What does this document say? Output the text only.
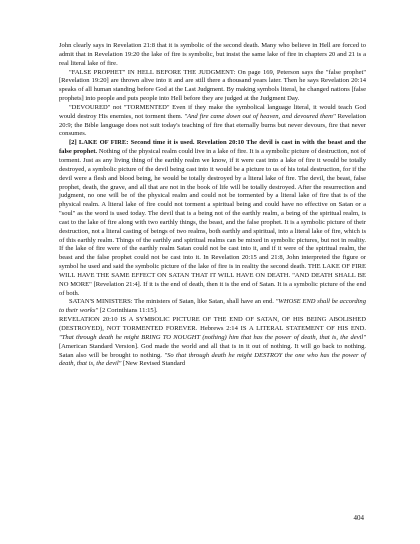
John clearly says in Revelation 21:8 that it is symbolic of the second death. Many who believe in Hell are forced to admit that in Revelation 19:20 the lake of fire is symbolic, but insist the same lake of fire in chapters 20 and 21 is a real literal lake of fire.

"FALSE PROPHET" IN HELL BEFORE THE JUDGMENT: On page 169, Peterson says the "false prophet" [Revelation 19:20] are thrown alive into it and are still there a thousand years later. Then he says Revelation 20:14 speaks of all human standing before God at the Last Judgment. By making symbols literal, he changed nations [false prophets] into people and puts people into Hell before they are judged at the Judgment Day.

"DEVOURED" not "TORMENTED" Even if they make the symbolical language literal, it would teach God would destroy His enemies, not torment them. "And fire came down out of heaven, and devoured them" Revelation 20:9; the Bible language does not suit today's teaching of fire that eternally burns but never devours, fire that never consumes.

[2] LAKE OF FIRE: Second time it is used. Revelation 20:10 The devil is cast in with the beast and the false prophet. Nothing of the physical realm could live in a lake of fire. It is a symbolic picture of destruction, not of torment. Just as any living thing of the earthly realm we know, if it were cast into a lake of fire it would be totally destroyed, a symbolic picture of the devil being cast into it would be a picture to us of his total destruction, for if the devil were a flesh and blood being, he would be totally destroyed by a literal lake of fire. The devil, the beast, false prophet, death, the grave, and all that are not in the book of life will be totally destroyed. After the resurrection and judgment, no one will be of the physical realm and could not be tormented by a literal lake of fire that is of the physical realm. A literal lake of fire could not torment a spiritual being and could have no effective on Satan or a "soul" as the word is used today. The devil that is a being not of the earthly realm, a being of the spiritual realm, is cast to the lake of fire along with two earthly things, the beast, and the false prophet. It is a symbolic picture of their destruction, not a literal casting of beings of two realms, both earthly and spiritual, into a literal lake of fire, which is of this earthly realm. Things of the earthly and spiritual realms can be mixed in symbolic pictures, but not in reality. If the lake of fire were of the earthly realm Satan could not be cast into it, and if it were of the spiritual realm, the beast and the false prophet could not be cast into it. In Revelation 20:15 and 21:8, John interpreted the figure or symbol he used and said the symbolic picture of the lake of fire is in reality the second death. THE LAKE OF FIRE WILL HAVE THE SAME EFFECT ON SATAN THAT IT WILL HAVE ON DEATH. "AND DEATH SHALL BE NO MORE" [Revelation 21:4]. If it is the end of death, then it is the end of Satan. It is a symbolic picture of the end of both.

SATAN'S MINISTERS: The ministers of Satan, like Satan, shall have an end. "WHOSE END shall be according to their works" [2 Corinthians 11:15].

REVELATION 20:10 IS A SYMBOLIC PICTURE OF THE END OF SATAN, OF HIS BEING ABOLISHED (DESTROYED), NOT TORMENTED FOREVER. Hebrews 2:14 IS A LITERAL STATEMENT OF HIS END. "That through death he might BRING TO NOUGHT (nothing) him that has the power of death, that is, the devil" [American Standard Version]. God made the world and all that is in it out of nothing. It will go back to nothing. Satan also will be brought to nothing. "So that through death he might DESTROY the one who has the power of death, that is, the devil" [New Revised Standard

404
